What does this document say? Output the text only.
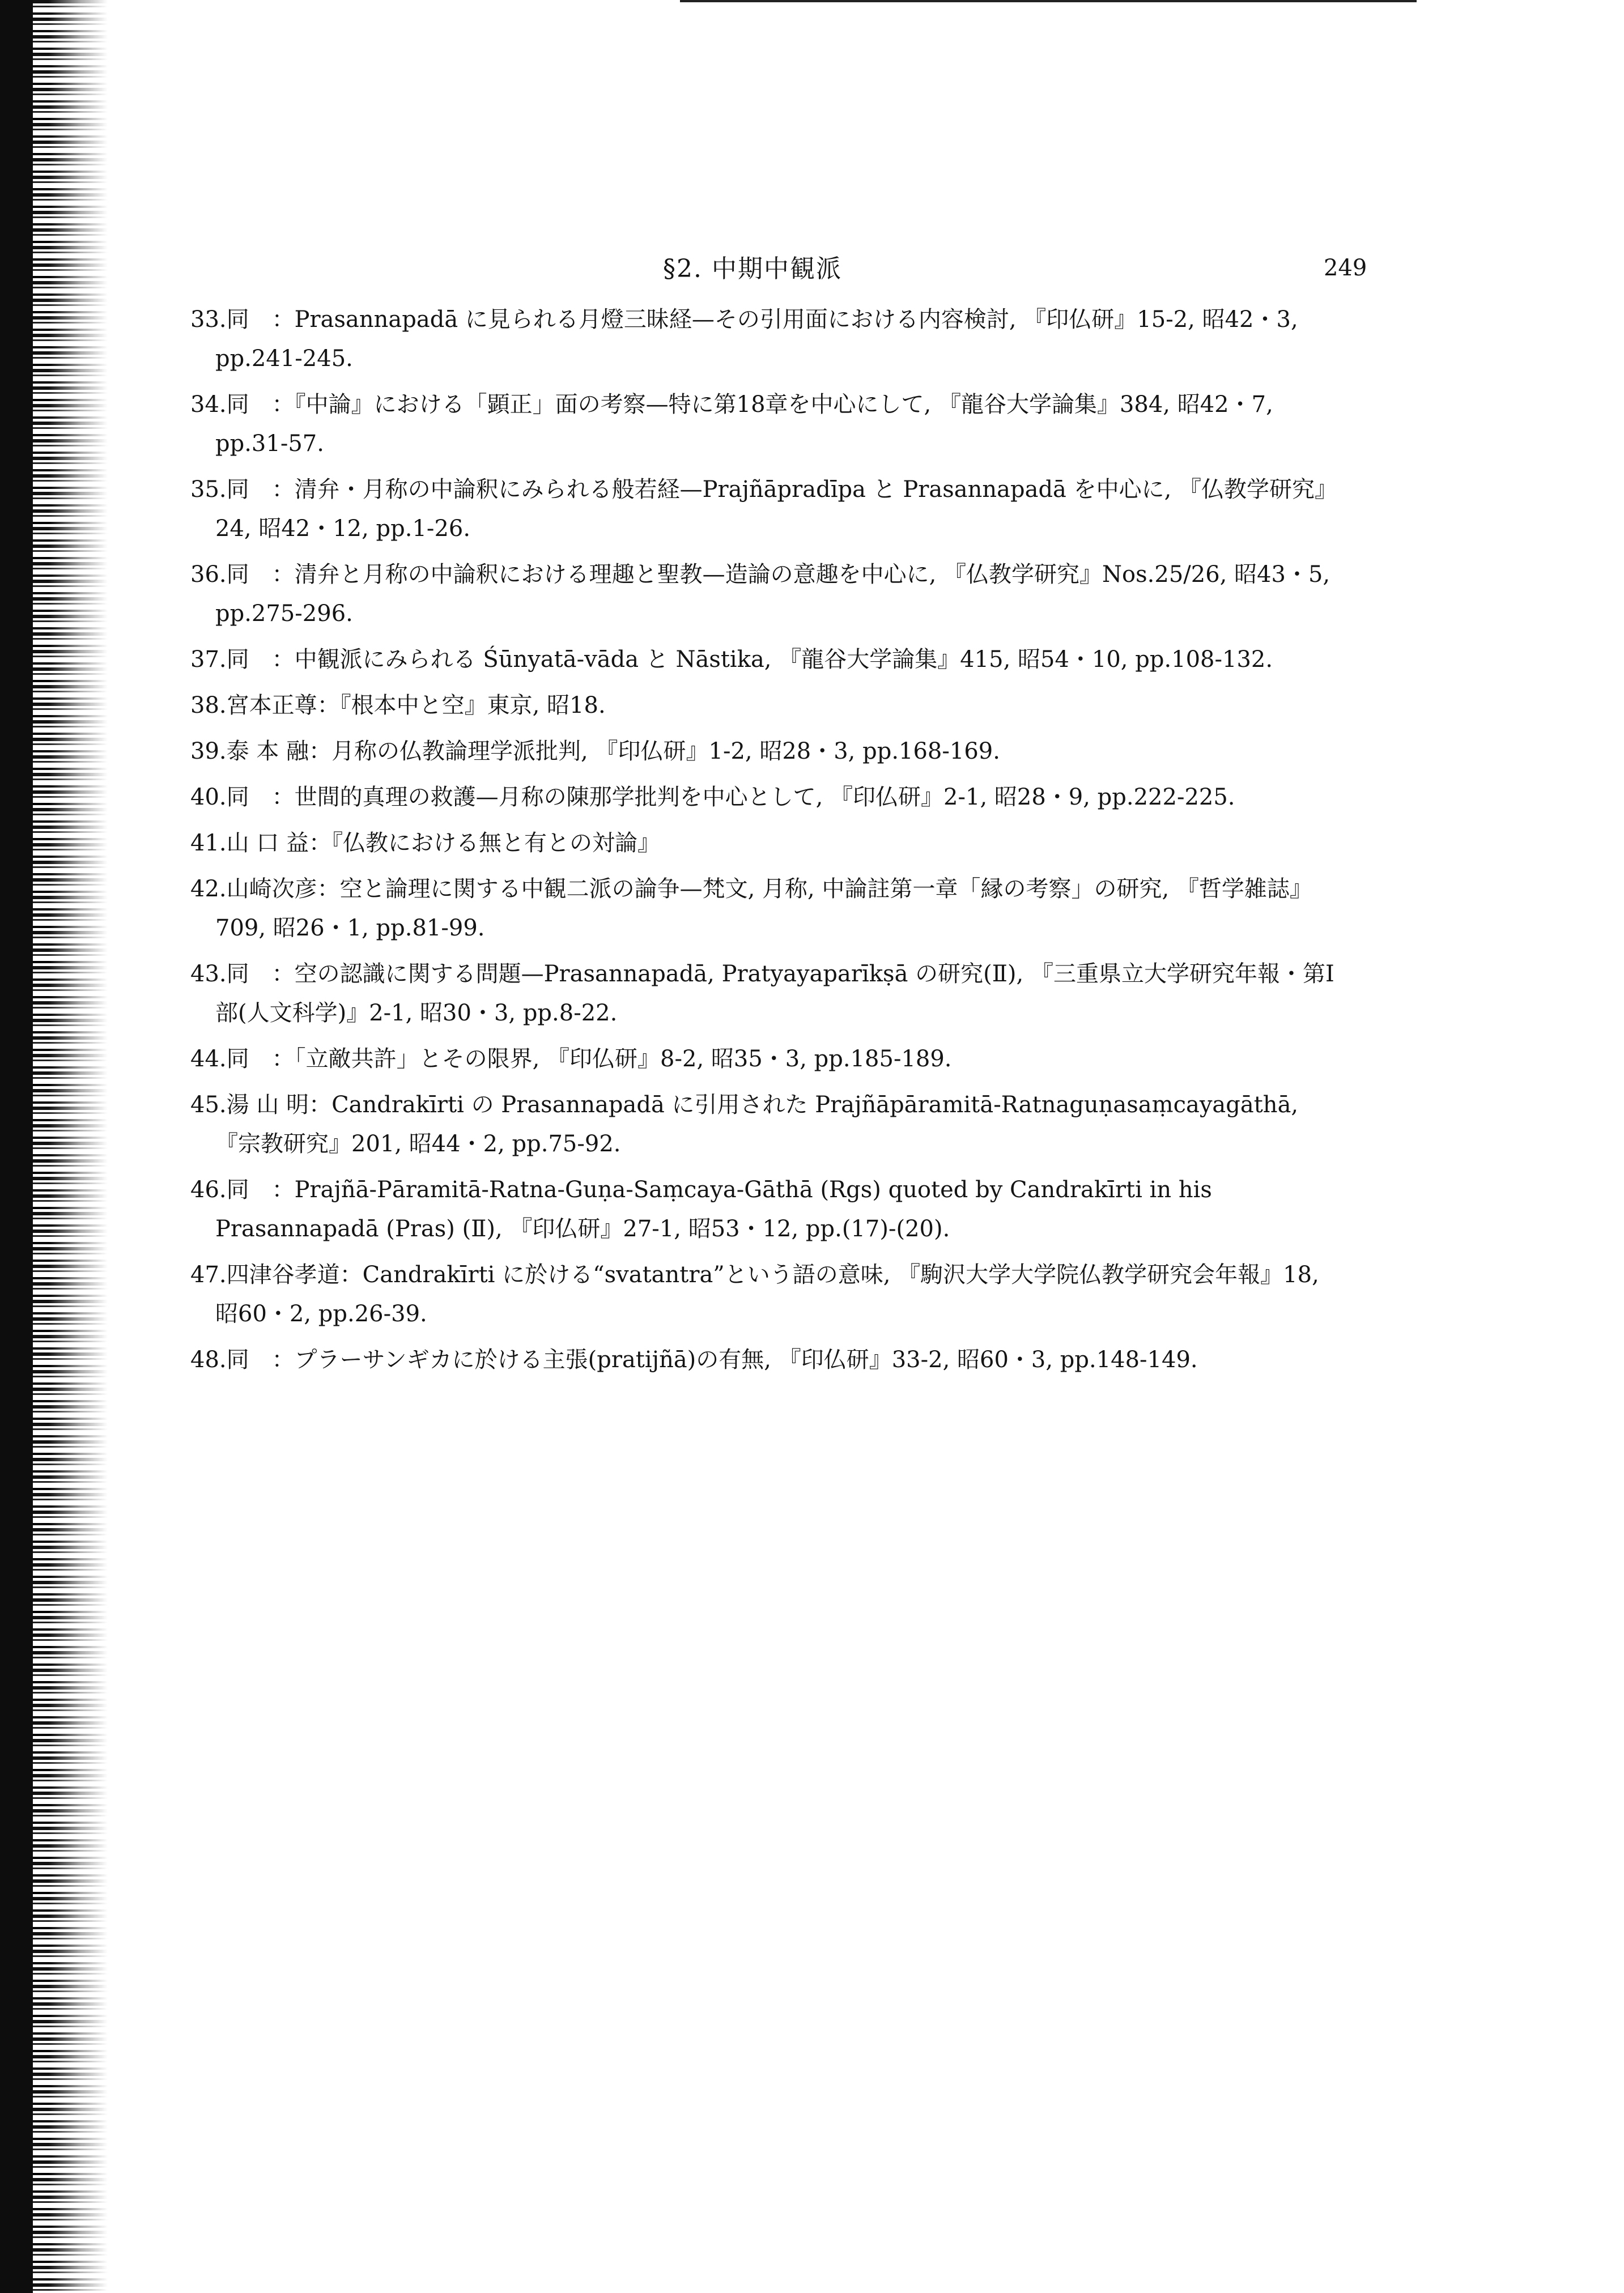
§2. 中期中観派	249
33.同　：Prasannapadā に見られる月燈三昧経—その引用面における内容検討, 『印仏研』15-2, 昭42・3, pp.241-245.
34.同　：『中論』における「顕正」面の考察—特に第18章を中心にして, 『龍谷大学論集』384, 昭42・7, pp.31-57.
35.同　：清弁・月称の中論釈にみられる般若経—Prajñāpradīpa と Prasannapadā を中心に, 『仏教学研究』24, 昭42・12, pp.1-26.
36.同　：清弁と月称の中論釈における理趣と聖教—造論の意趣を中心に, 『仏教学研究』Nos.25/26, 昭43・5, pp.275-296.
37.同　：中観派にみられる Śūnyatā-vāda と Nāstika, 『龍谷大学論集』415, 昭54・10, pp.108-132.
38.宮本正尊：『根本中と空』東京, 昭18.
39.泰 本 融：月称の仏教論理学派批判, 『印仏研』1-2, 昭28・3, pp.168-169.
40.同　：世間的真理の救護—月称の陳那学批判を中心として, 『印仏研』2-1, 昭28・9, pp.222-225.
41.山 口 益：『仏教における無と有との対論』
42.山崎次彦：空と論理に関する中観二派の論争—梵文, 月称, 中論註第一章「縁の考察」の研究, 『哲学雑誌』709, 昭26・1, pp.81-99.
43.同　：空の認識に関する問題—Prasannapadā, Pratyayaparīkṣā の研究(Ⅱ), 『三重県立大学研究年報・第Ⅰ部(人文科学)』2-1, 昭30・3, pp.8-22.
44.同　：「立敵共許」とその限界, 『印仏研』8-2, 昭35・3, pp.185-189.
45.湯 山 明：Candrakīrti の Prasannapadā に引用された Prajñāpāramitā-Ratnaguṇasaṃcayagāthā, 『宗教研究』201, 昭44・2, pp.75-92.
46.同　：Prajñā-Pāramitā-Ratna-Guṇa-Saṃcaya-Gāthā (Rgs) quoted by Candrakīrti in his Prasannapadā (Pras) (Ⅱ), 『印仏研』27-1, 昭53・12, pp.(17)-(20).
47.四津谷孝道：Candrakīrti に於ける“svatantra”という語の意味, 『駒沢大学大学院仏教学研究会年報』18, 昭60・2, pp.26-39.
48.同　：プラーサンギカに於ける主張(pratijñā)の有無, 『印仏研』33-2, 昭60・3, pp.148-149.
